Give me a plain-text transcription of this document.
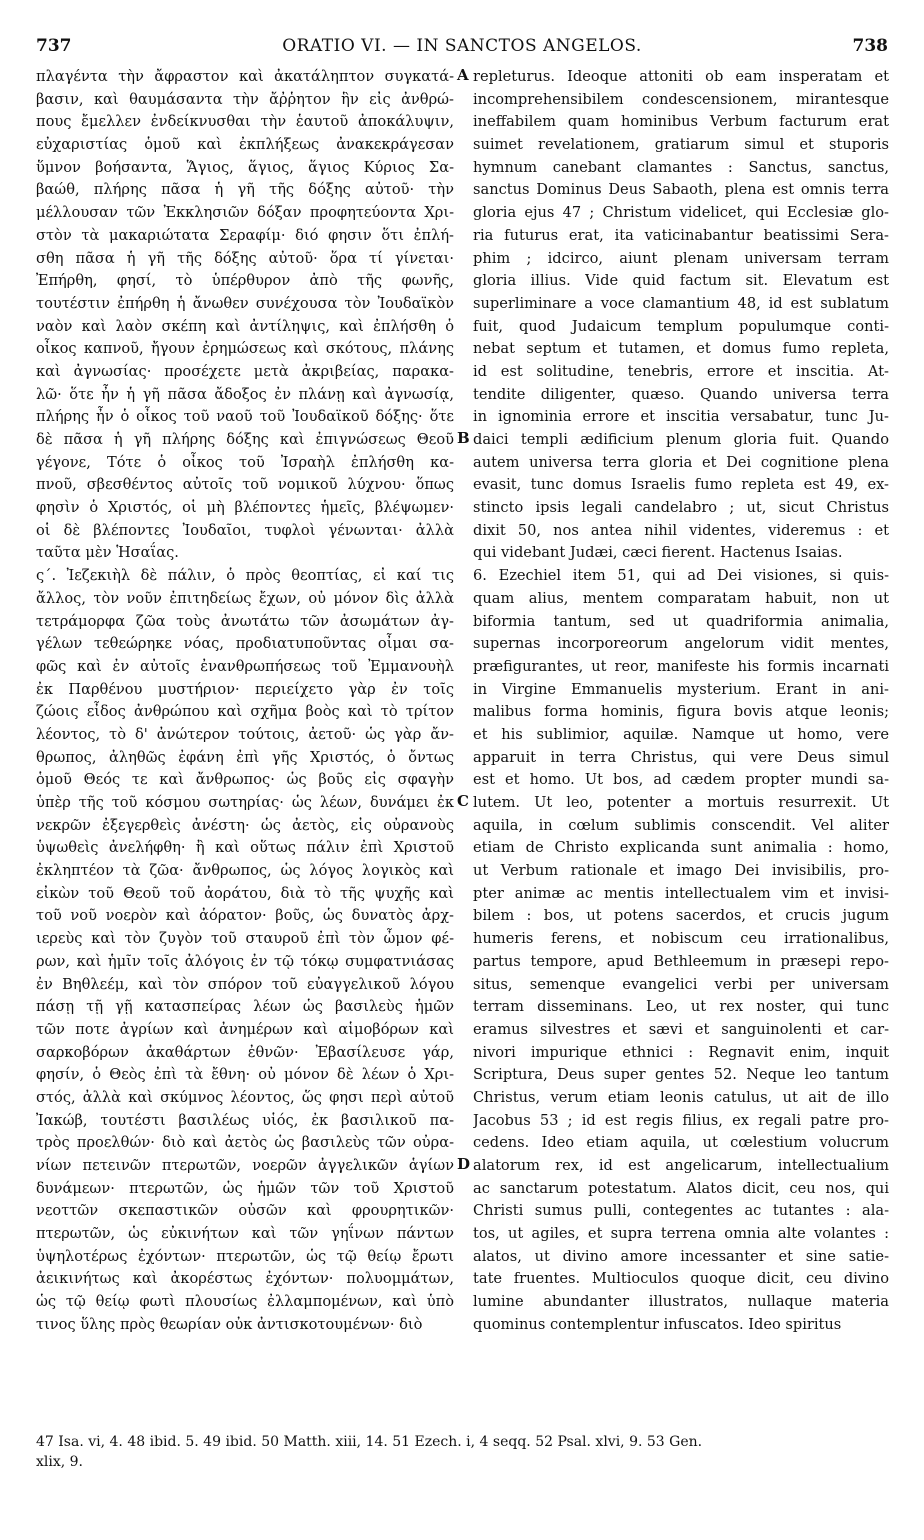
737	ORATIO VI. — IN SANCTOS ANGELOS.	738
πλαγέντα τὴν ἄφραστον καὶ ἀκατάληπτον συγκατά-
βασιν, καὶ θαυμάσαντα τὴν ἄῤῥητον ἣν εἰς ἀνθρώ-
πους ἔμελλεν ἐνδείκνυσθαι τὴν ἑαυτοῦ ἀποκάλυψιν,
εὐχαριστίας ὁμοῦ καὶ ἐκπλήξεως ἀνακεκράγεσαν
ὕμνον βοήσαντα, Ἅγιος, ἅγιος, ἅγιος Κύριος Σα-
βαώθ, πλήρης πᾶσα ἡ γῆ τῆς δόξης αὐτοῦ· τὴν
μέλλουσαν τῶν Ἐκκλησιῶν δόξαν προφητεύοντα Χρι-
στὸν τὰ μακαριώτατα Σεραφίμ· διό φησιν ὅτι ἐπλή-
σθη πᾶσα ἡ γῆ τῆς δόξης αὐτοῦ· ὅρα τί γίνεται·
Ἐπήρθη, φησί, τὸ ὑπέρθυρον ἀπὸ τῆς φωνῆς,
τουτέστιν ἐπήρθη ἡ ἄνωθεν συνέχουσα τὸν Ἰουδαϊκὸν
ναὸν καὶ λαὸν σκέπη καὶ ἀντίληψις, καὶ ἐπλήσθη ὁ
οἶκος καπνοῦ, ἤγουν ἐρημώσεως καὶ σκότους, πλάνης
καὶ ἀγνωσίας· προσέχετε μετὰ ἀκριβείας, παρακα-
λῶ· ὅτε ἦν ἡ γῆ πᾶσα ἄδοξος ἐν πλάνῃ καὶ ἀγνωσίᾳ,
πλήρης ἦν ὁ οἶκος τοῦ ναοῦ τοῦ Ἰουδαϊκοῦ δόξης· ὅτε
δὲ πᾶσα ἡ γῆ πλήρης δόξης καὶ ἐπιγνώσεως Θεοῦ
γέγονε, Τότε ὁ οἶκος τοῦ Ἰσραὴλ ἐπλήσθη κα-
πνοῦ, σβεσθέντος αὐτοῖς τοῦ νομικοῦ λύχνου· ὅπως
φησὶν ὁ Χριστός, οἱ μὴ βλέποντες ἡμεῖς, βλέψωμεν·
οἱ δὲ βλέποντες Ἰουδαῖοι, τυφλοὶ γένωνται· ἀλλὰ
ταῦτα μὲν Ἡσαΐας.
ς΄. Ἰεζεκιὴλ δὲ πάλιν, ὁ πρὸς θεοπτίας, εἰ καί τις
ἄλλος, τὸν νοῦν ἐπιτηδείως ἔχων, οὐ μόνον δὶς ἀλλὰ
τετράμορφα ζῶα τοὺς ἀνωτάτω τῶν ἀσωμάτων ἀγ-
γέλων τεθεώρηκε νόας, προδιατυποῦντας οἶμαι σα-
φῶς καὶ ἐν αὐτοῖς ἐνανθρωπήσεως τοῦ Ἐμμανουὴλ
ἐκ Παρθένου μυστήριον· περιείχετο γὰρ ἐν τοῖς
ζώοις εἶδος ἀνθρώπου καὶ σχῆμα βοὸς καὶ τὸ τρίτον
λέοντος, τὸ δ' ἀνώτερον τούτοις, ἀετοῦ· ὡς γὰρ ἄν-
θρωπος, ἀληθῶς ἐφάνη ἐπὶ γῆς Χριστός, ὁ ὄντως
ὁμοῦ Θεός τε καὶ ἄνθρωπος· ὡς βοῦς εἰς σφαγὴν
ὑπὲρ τῆς τοῦ κόσμου σωτηρίας· ὡς λέων, δυνάμει ἐκ
νεκρῶν ἐξεγερθεὶς ἀνέστη· ὡς ἀετὸς, εἰς οὐρανοὺς
ὑψωθεὶς ἀνελήφθη· ἢ καὶ οὕτως πάλιν ἐπὶ Χριστοῦ
ἐκληπτέον τὰ ζῶα· ἄνθρωπος, ὡς λόγος λογικὸς καὶ
εἰκὼν τοῦ Θεοῦ τοῦ ἀοράτου, διὰ τὸ τῆς ψυχῆς καὶ
τοῦ νοῦ νοερὸν καὶ ἀόρατον· βοῦς, ὡς δυνατὸς ἀρχ-
ιερεὺς καὶ τὸν ζυγὸν τοῦ σταυροῦ ἐπὶ τὸν ὦμον φέ-
ρων, καὶ ἡμῖν τοῖς ἀλόγοις ἐν τῷ τόκῳ συμφατνιάσας
ἐν Βηθλεέμ, καὶ τὸν σπόρον τοῦ εὐαγγελικοῦ λόγου
πάσῃ τῇ γῇ κατασπείρας λέων ὡς βασιλεὺς ἡμῶν
τῶν ποτε ἀγρίων καὶ ἀνημέρων καὶ αἱμοβόρων καὶ
σαρκοβόρων ἀκαθάρτων ἐθνῶν· Ἐβασίλευσε γάρ,
φησίν, ὁ Θεὸς ἐπὶ τὰ ἔθνη· οὐ μόνον δὲ λέων ὁ Χρι-
στός, ἀλλὰ καὶ σκύμνος λέοντος, ὥς φησι περὶ αὐτοῦ
Ἰακώβ, τουτέστι βασιλέως υἱός, ἐκ βασιλικοῦ πα-
τρὸς προελθών· διὸ καὶ ἀετὸς ὡς βασιλεὺς τῶν οὐρα-
νίων πετεινῶν πτερωτῶν, νοερῶν ἀγγελικῶν ἁγίων
δυνάμεων· πτερωτῶν, ὡς ἡμῶν τῶν τοῦ Χριστοῦ
νεοττῶν σκεπαστικῶν οὐσῶν καὶ φρουρητικῶν·
πτερωτῶν, ὡς εὐκινήτων καὶ τῶν γηΐνων πάντων
ὑψηλοτέρως ἐχόντων· πτερωτῶν, ὡς τῷ θείῳ ἔρωτι
ἀεικινήτως καὶ ἀκορέστως ἐχόντων· πολυομμάτων,
ὡς τῷ θείῳ φωτὶ πλουσίως ἐλλαμπομένων, καὶ ὑπὸ
τινος ὕλης πρὸς θεωρίαν οὐκ ἀντισκοτουμένων· διὸ
repleturus. Ideoque attoniti ob eam insperatam et
incomprehensibilem condescensionem, mirantesque
ineffabilem quam hominibus Verbum facturum erat
suimet revelationem, gratiarum simul et stuporis
hymnum canebant clamantes : Sanctus, sanctus,
sanctus Dominus Deus Sabaoth, plena est omnis terra
gloria ejus 47 ; Christum videlicet, qui Ecclesiæ glo-
ria futurus erat, ita vaticinabantur beatissimi Sera-
phim ; idcirco, aiunt plenam universam terram
gloria illius. Vide quid factum sit. Elevatum est
superliminare a voce clamantium 48, id est sublatum
fuit, quod Judaicum templum populumque conti-
nebat septum et tutamen, et domus fumo repleta,
id est solitudine, tenebris, errore et inscitia. At-
tendite diligenter, quæso. Quando universa terra
in ignominia errore et inscitia versabatur, tunc Ju-
daici templi ædificium plenum gloria fuit. Quando
autem universa terra gloria et Dei cognitione plena
evasit, tunc domus Israelis fumo repleta est 49, ex-
stincto ipsis legali candelabro ; ut, sicut Christus
dixit 50, nos antea nihil videntes, videremus : et
qui videbant Judæi, cæci fierent. Hactenus Isaias.
6. Ezechiel item 51, qui ad Dei visiones, si quis-
quam alius, mentem comparatam habuit, non ut
biformia tantum, sed ut quadriformia animalia,
supernas incorporeorum angelorum vidit mentes,
præfigurantes, ut reor, manifeste his formis incarnati
in Virgine Emmanuelis mysterium. Erant in ani-
malibus forma hominis, figura bovis atque leonis;
et his sublimior, aquilæ. Namque ut homo, vere
apparuit in terra Christus, qui vere Deus simul
est et homo. Ut bos, ad cædem propter mundi sa-
lutem. Ut leo, potenter a mortuis resurrexit. Ut
aquila, in cœlum sublimis conscendit. Vel aliter
etiam de Christo explicanda sunt animalia : homo,
ut Verbum rationale et imago Dei invisibilis, pro-
pter animæ ac mentis intellectualem vim et invisi-
bilem : bos, ut potens sacerdos, et crucis jugum
humeris ferens, et nobiscum ceu irrationalibus,
partus tempore, apud Bethleemum in præsepi repo-
situs, semenque evangelici verbi per universam
terram disseminans. Leo, ut rex noster, qui tunc
eramus silvestres et sævi et sanguinolenti et car-
nivori impurique ethnici : Regnavit enim, inquit
Scriptura, Deus super gentes 52. Neque leo tantum
Christus, verum etiam leonis catulus, ut ait de illo
Jacobus 53 ; id est regis filius, ex regali patre pro-
cedens. Ideo etiam aquila, ut cœlestium volucrum
alatorum rex, id est angelicarum, intellectualium
ac sanctarum potestatum. Alatos dicit, ceu nos, qui
Christi sumus pulli, contegentes ac tutantes : ala-
tos, ut agiles, et supra terrena omnia alte volantes :
alatos, ut divino amore incessanter et sine satie-
tate fruentes. Multioculos quoque dicit, ceu divino
lumine abundanter illustratos, nullaque materia
quominus contemplentur infuscatos. Ideo spiritus
A
B
C
D
47 Isa. vi, 4. 48 ibid. 5. 49 ibid. 50 Matth. xiii, 14. 51 Ezech. i, 4 seqq. 52 Psal. xlvi, 9. 53 Gen.
xlix, 9.
